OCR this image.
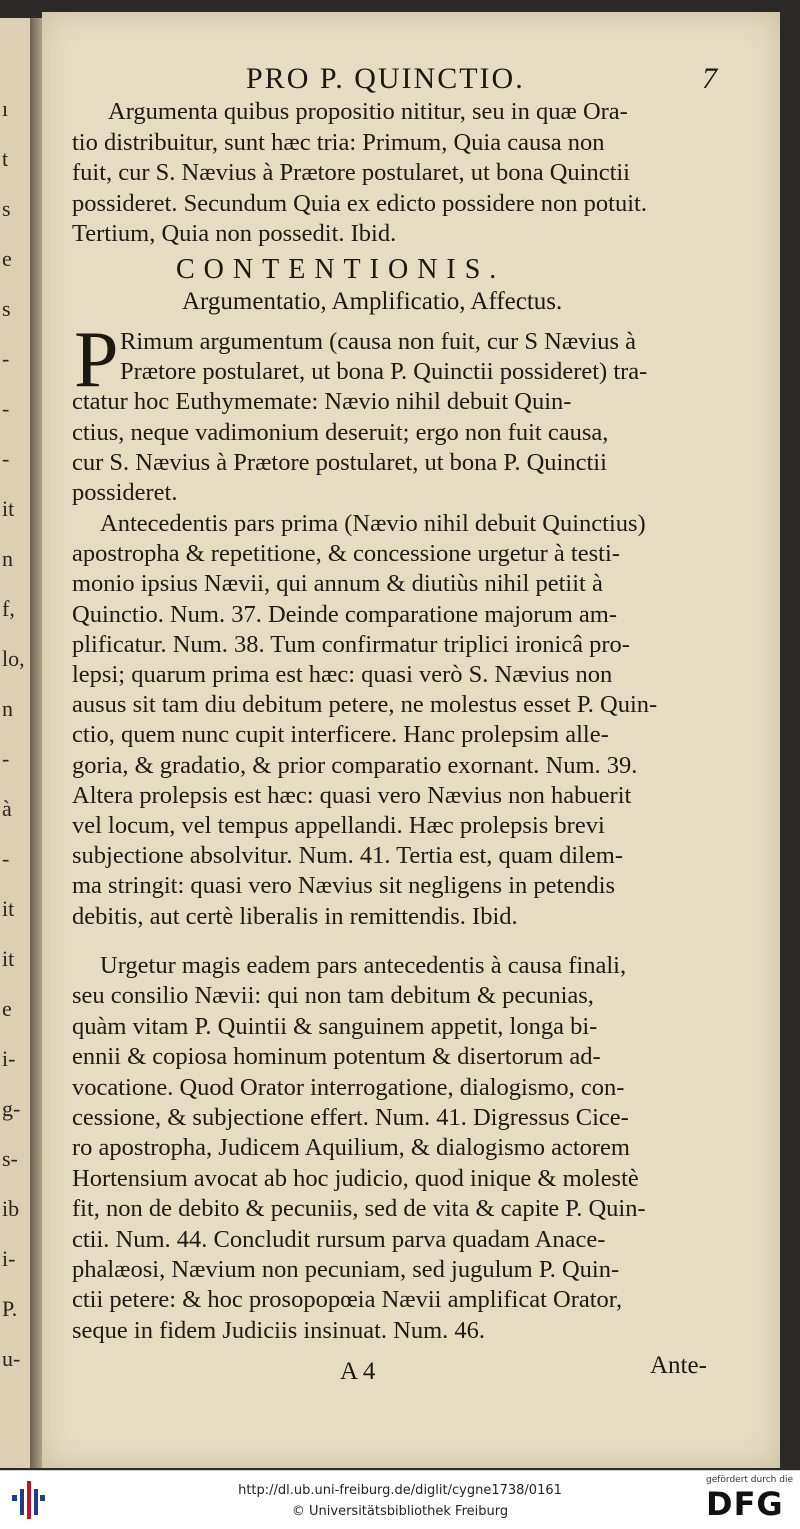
ı
t
s
e
s
-
-
-
it
n
f,
lo,
n
-
à
-
it
it
e
i-
g-
s-
ib
i-
P.
u-
PRO P. QUINCTIO.	7
Argumenta quibus propositio nititur, seu in quæ Ora-
tio distribuitur, sunt hæc tria: Primum, Quia causa non
fuit, cur S. Nævius à Prætore postularet, ut bona Quinctii
possideret. Secundum Quia ex edicto possidere non potuit.
Tertium, Quia non possedit. Ibid.
CONTENTIONIS.
Argumentatio, Amplificatio, Affectus.
P Rimum argumentum (causa non fuit, cur S Nævius à
Prætore postularet, ut bona P. Quinctii possideret) tra-
ctatur hoc Euthymemate: Nævio nihil debuit Quin-
ctius, neque vadimonium deseruit; ergo non fuit causa,
cur S. Nævius à Prætore postularet, ut bona P. Quinctii
possideret.
Antecedentis pars prima (Nævio nihil debuit Quinctius)
apostropha & repetitione, & concessione urgetur à testi-
monio ipsius Nævii, qui annum & diutiùs nihil petiit à
Quinctio. Num. 37. Deinde comparatione majorum am-
plificatur. Num. 38. Tum confirmatur triplici ironicâ pro-
lepsi; quarum prima est hæc: quasi verò S. Nævius non
ausus sit tam diu debitum petere, ne molestus esset P. Quin-
ctio, quem nunc cupit interficere. Hanc prolepsim alle-
goria, & gradatio, & prior comparatio exornant. Num. 39.
Altera prolepsis est hæc: quasi vero Nævius non habuerit
vel locum, vel tempus appellandi. Hæc prolepsis brevi
subjectione absolvitur. Num. 41. Tertia est, quam dilem-
ma stringit: quasi vero Nævius sit negligens in petendis
debitis, aut certè liberalis in remittendis. Ibid.
Urgetur magis eadem pars antecedentis à causa finali,
seu consilio Nævii: qui non tam debitum & pecunias,
quàm vitam P. Quintii & sanguinem appetit, longa bi-
ennii & copiosa hominum potentum & disertorum ad-
vocatione. Quod Orator interrogatione, dialogismo, con-
cessione, & subjectione effert. Num. 41. Digressus Cice-
ro apostropha, Judicem Aquilium, & dialogismo actorem
Hortensium avocat ab hoc judicio, quod inique & molestè
fit, non de debito & pecuniis, sed de vita & capite P. Quin-
ctii. Num. 44. Concludit rursum parva quadam Anace-
phalæosi, Nævium non pecuniam, sed jugulum P. Quin-
ctii petere: & hoc prosopopœia Nævii amplificat Orator,
seque in fidem Judiciis insinuat. Num. 46.
A 4	Ante-
http://dl.ub.uni-freiburg.de/diglit/cygne1738/0161
© Universitätsbibliothek Freiburg
gefördert durch die
DFG
